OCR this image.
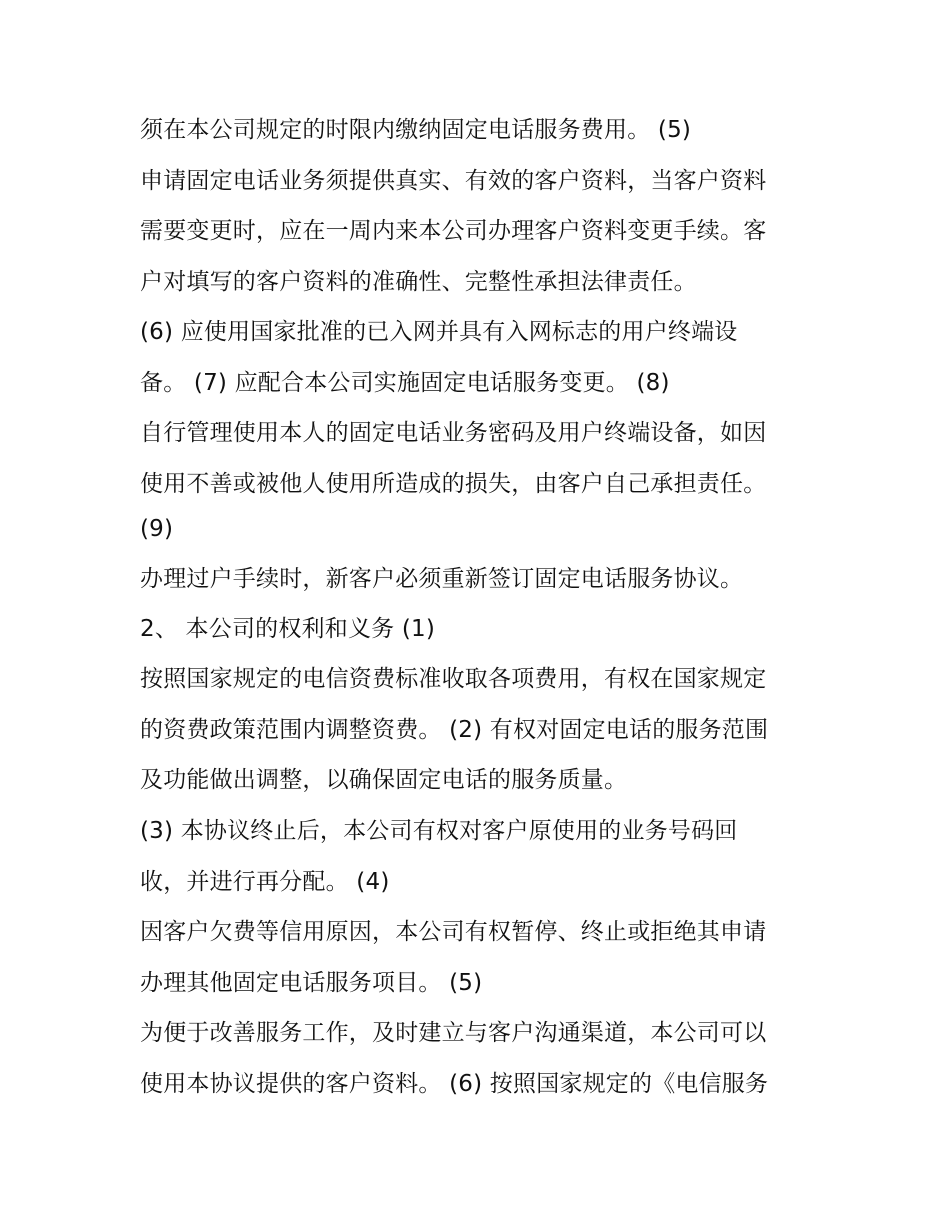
须在本公司规定的时限内缴纳固定电话服务费用。 (5)
申请固定电话业务须提供真实、有效的客户资料，当客户资料
需要变更时，应在一周内来本公司办理客户资料变更手续。客
户对填写的客户资料的准确性、完整性承担法律责任。
(6) 应使用国家批准的已入网并具有入网标志的用户终端设
备。 (7) 应配合本公司实施固定电话服务变更。 (8)
自行管理使用本人的固定电话业务密码及用户终端设备，如因
使用不善或被他人使用所造成的损失，由客户自己承担责任。
(9)
办理过户手续时，新客户必须重新签订固定电话服务协议。
2、 本公司的权利和义务 (1)
按照国家规定的电信资费标准收取各项费用，有权在国家规定
的资费政策范围内调整资费。 (2) 有权对固定电话的服务范围
及功能做出调整，以确保固定电话的服务质量。
(3) 本协议终止后，本公司有权对客户原使用的业务号码回
收，并进行再分配。 (4)
因客户欠费等信用原因，本公司有权暂停、终止或拒绝其申请
办理其他固定电话服务项目。 (5)
为便于改善服务工作，及时建立与客户沟通渠道，本公司可以
使用本协议提供的客户资料。 (6) 按照国家规定的《电信服务
